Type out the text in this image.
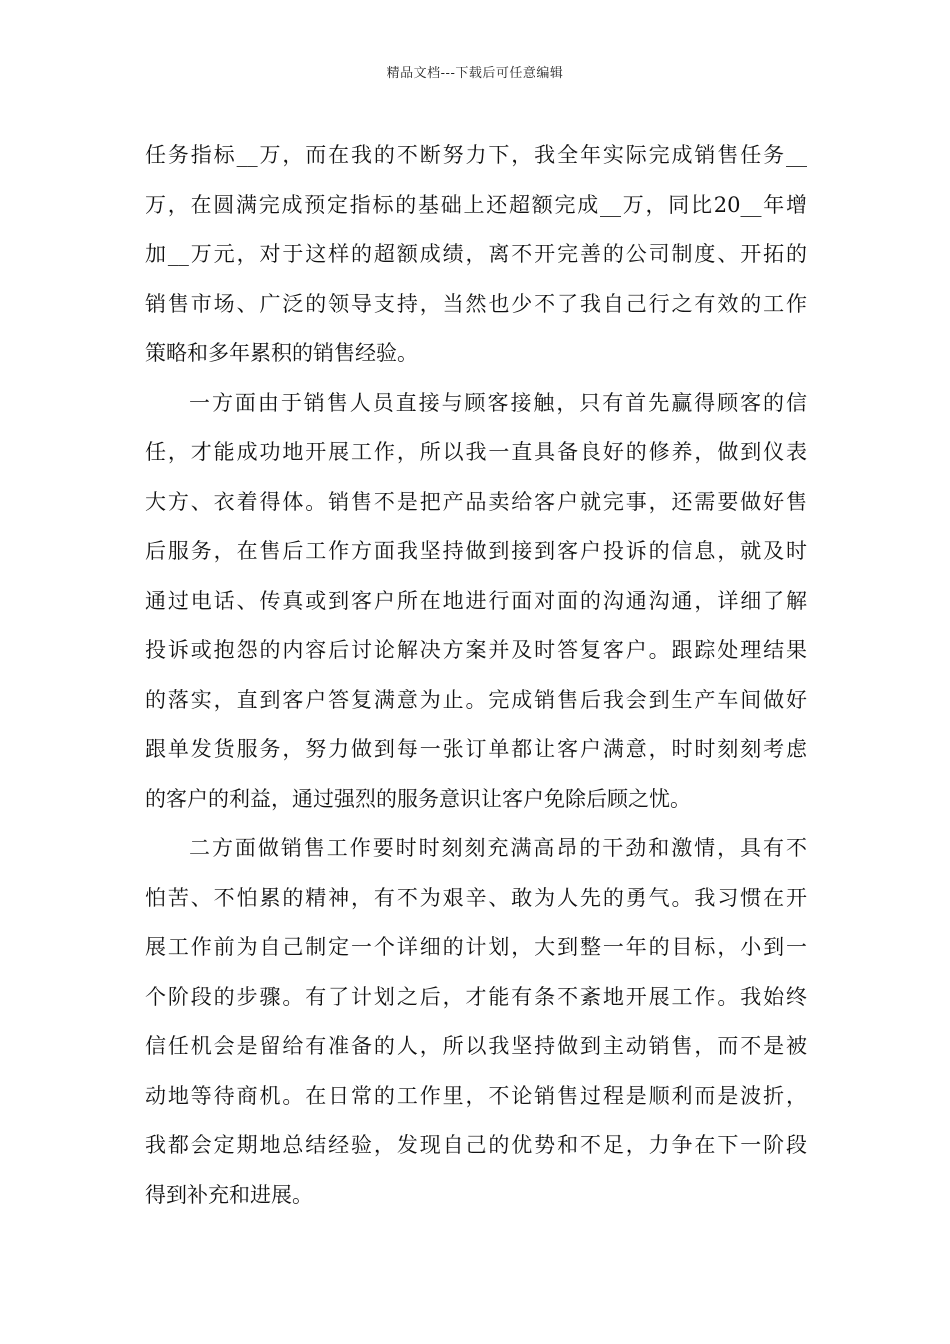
精品文档---下载后可任意编辑
任务指标__万，而在我的不断努力下，我全年实际完成销售任务__
万，在圆满完成预定指标的基础上还超额完成__万，同比20__年增
加__万元，对于这样的超额成绩，离不开完善的公司制度、开拓的
销售市场、广泛的领导支持，当然也少不了我自己行之有效的工作
策略和多年累积的销售经验。
一方面由于销售人员直接与顾客接触，只有首先赢得顾客的信
任，才能成功地开展工作，所以我一直具备良好的修养，做到仪表
大方、衣着得体。销售不是把产品卖给客户就完事，还需要做好售
后服务，在售后工作方面我坚持做到接到客户投诉的信息，就及时
通过电话、传真或到客户所在地进行面对面的沟通沟通，详细了解
投诉或抱怨的内容后讨论解决方案并及时答复客户。跟踪处理结果
的落实，直到客户答复满意为止。完成销售后我会到生产车间做好
跟单发货服务，努力做到每一张订单都让客户满意，时时刻刻考虑
的客户的利益，通过强烈的服务意识让客户免除后顾之忧。
二方面做销售工作要时时刻刻充满高昂的干劲和激情，具有不
怕苦、不怕累的精神，有不为艰辛、敢为人先的勇气。我习惯在开
展工作前为自己制定一个详细的计划，大到整一年的目标，小到一
个阶段的步骤。有了计划之后，才能有条不紊地开展工作。我始终
信任机会是留给有准备的人，所以我坚持做到主动销售，而不是被
动地等待商机。在日常的工作里，不论销售过程是顺利而是波折，
我都会定期地总结经验，发现自己的优势和不足，力争在下一阶段
得到补充和进展。
